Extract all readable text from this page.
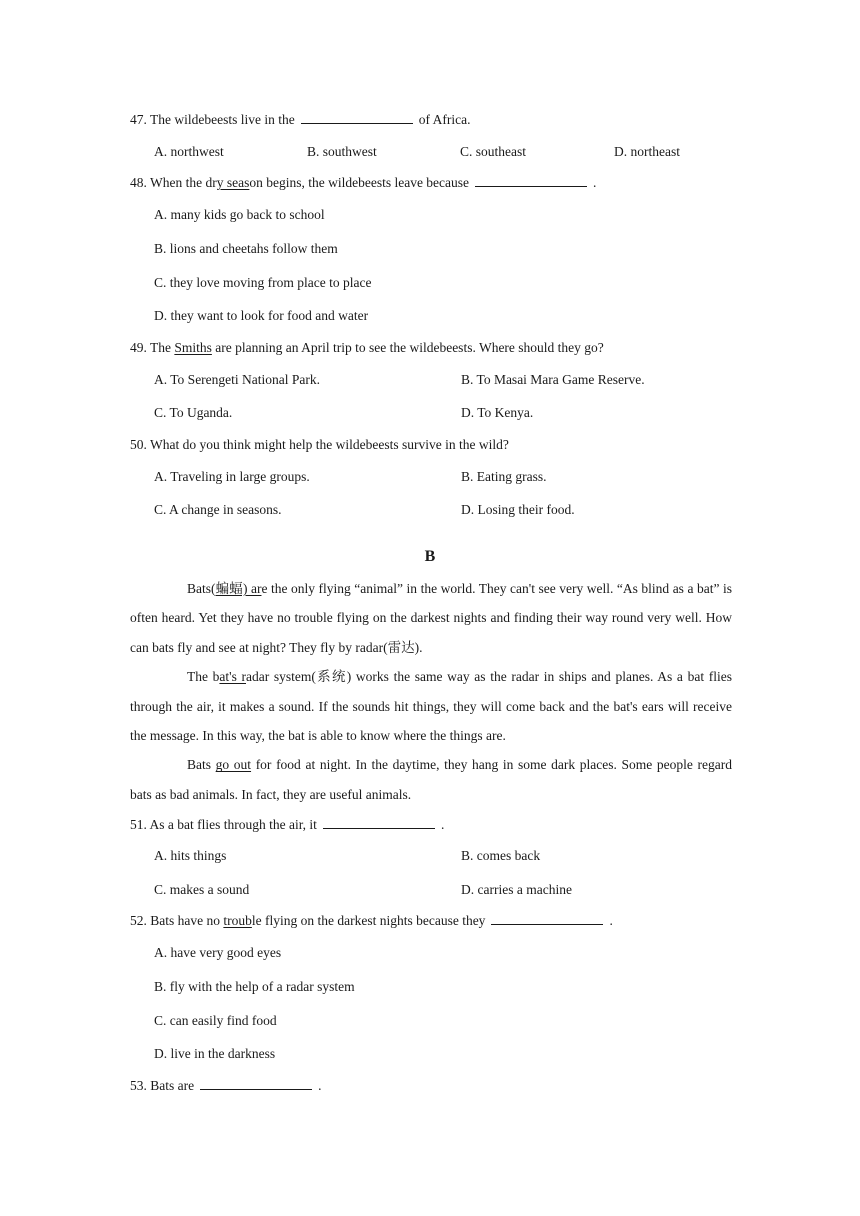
47. The wildebeests live in the	of Africa.
A. northwest	B. southwest	C. southeast	D. northeast
48. When the dry season begins, the wildebeests leave because	.
A. many kids go back to school
B. lions and cheetahs follow them
C. they love moving from place to place
D. they want to look for food and water
49. The Smiths are planning an April trip to see the wildebeests. Where should they go?
A. To Serengeti National Park.	B. To Masai Mara Game Reserve.
C. To Uganda.	D. To Kenya.
50. What do you think might help the wildebeests survive in the wild?
A. Traveling in large groups.	B. Eating grass.
C. A change in seasons.	D. Losing their food.
B

Bats(蝙蝠) are the only flying “animal” in the world. They can't see very well. “As blind as a bat” is often heard. Yet they have no trouble flying on the darkest nights and finding their way round very well. How can bats fly and see at night? They fly by radar(雷达).

The bat's radar system(系统) works the same way as the radar in ships and planes. As a bat flies through the air, it makes a sound. If the sounds hit things, they will come back and the bat's ears will receive the message. In this way, the bat is able to know where the things are.

Bats go out for food at night. In the daytime, they hang in some dark places. Some people regard bats as bad animals. In fact, they are useful animals.

51. As a bat flies through the air, it	.
A. hits things	B. comes back
C. makes a sound	D. carries a machine
52. Bats have no trouble flying on the darkest nights because they	.
A. have very good eyes
B. fly with the help of a radar system
C. can easily find food
D. live in the darkness
53. Bats are	.
